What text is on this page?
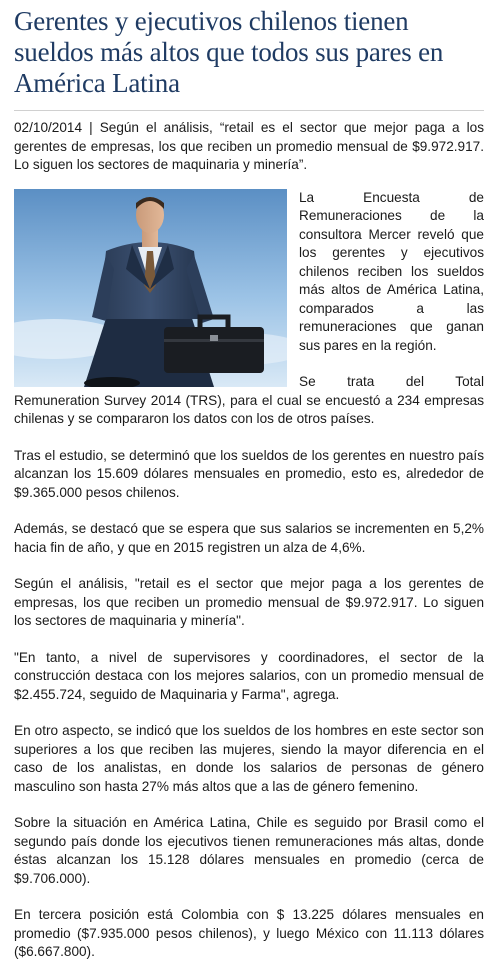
Gerentes y ejecutivos chilenos tienen sueldos más altos que todos sus pares en América Latina

02/10/2014 | Según el análisis, “retail es el sector que mejor paga a los gerentes de empresas, los que reciben un promedio mensual de $9.972.917. Lo siguen los sectores de maquinaria y minería”.

La Encuesta de Remuneraciones de la consultora Mercer reveló que los gerentes y ejecutivos chilenos reciben los sueldos más altos de América Latina, comparados a las remuneraciones que ganan sus pares en la región.

Se trata del Total Remuneration Survey 2014 (TRS), para el cual se encuestó a 234 empresas chilenas y se compararon los datos con los de otros países.

Tras el estudio, se determinó que los sueldos de los gerentes en nuestro país alcanzan los 15.609 dólares mensuales en promedio, esto es, alrededor de $9.365.000 pesos chilenos.

Además, se destacó que se espera que sus salarios se incrementen en 5,2% hacia fin de año, y que en 2015 registren un alza de 4,6%.

Según el análisis, "retail es el sector que mejor paga a los gerentes de empresas, los que reciben un promedio mensual de $9.972.917. Lo siguen los sectores de maquinaria y minería".

"En tanto, a nivel de supervisores y coordinadores, el sector de la construcción destaca con los mejores salarios, con un promedio mensual de $2.455.724, seguido de Maquinaria y Farma", agrega.

En otro aspecto, se indicó que los sueldos de los hombres en este sector son superiores a los que reciben las mujeres, siendo la mayor diferencia en el caso de los analistas, en donde los salarios de personas de género masculino son hasta 27% más altos que a las de género femenino.

Sobre la situación en América Latina, Chile es seguido por Brasil como el segundo país donde los ejecutivos tienen remuneraciones más altas, donde éstas alcanzan los 15.128 dólares mensuales en promedio (cerca de $9.706.000).

En tercera posición está Colombia con $ 13.225 dólares mensuales en promedio ($7.935.000 pesos chilenos), y luego México con 11.113 dólares ($6.667.800).
